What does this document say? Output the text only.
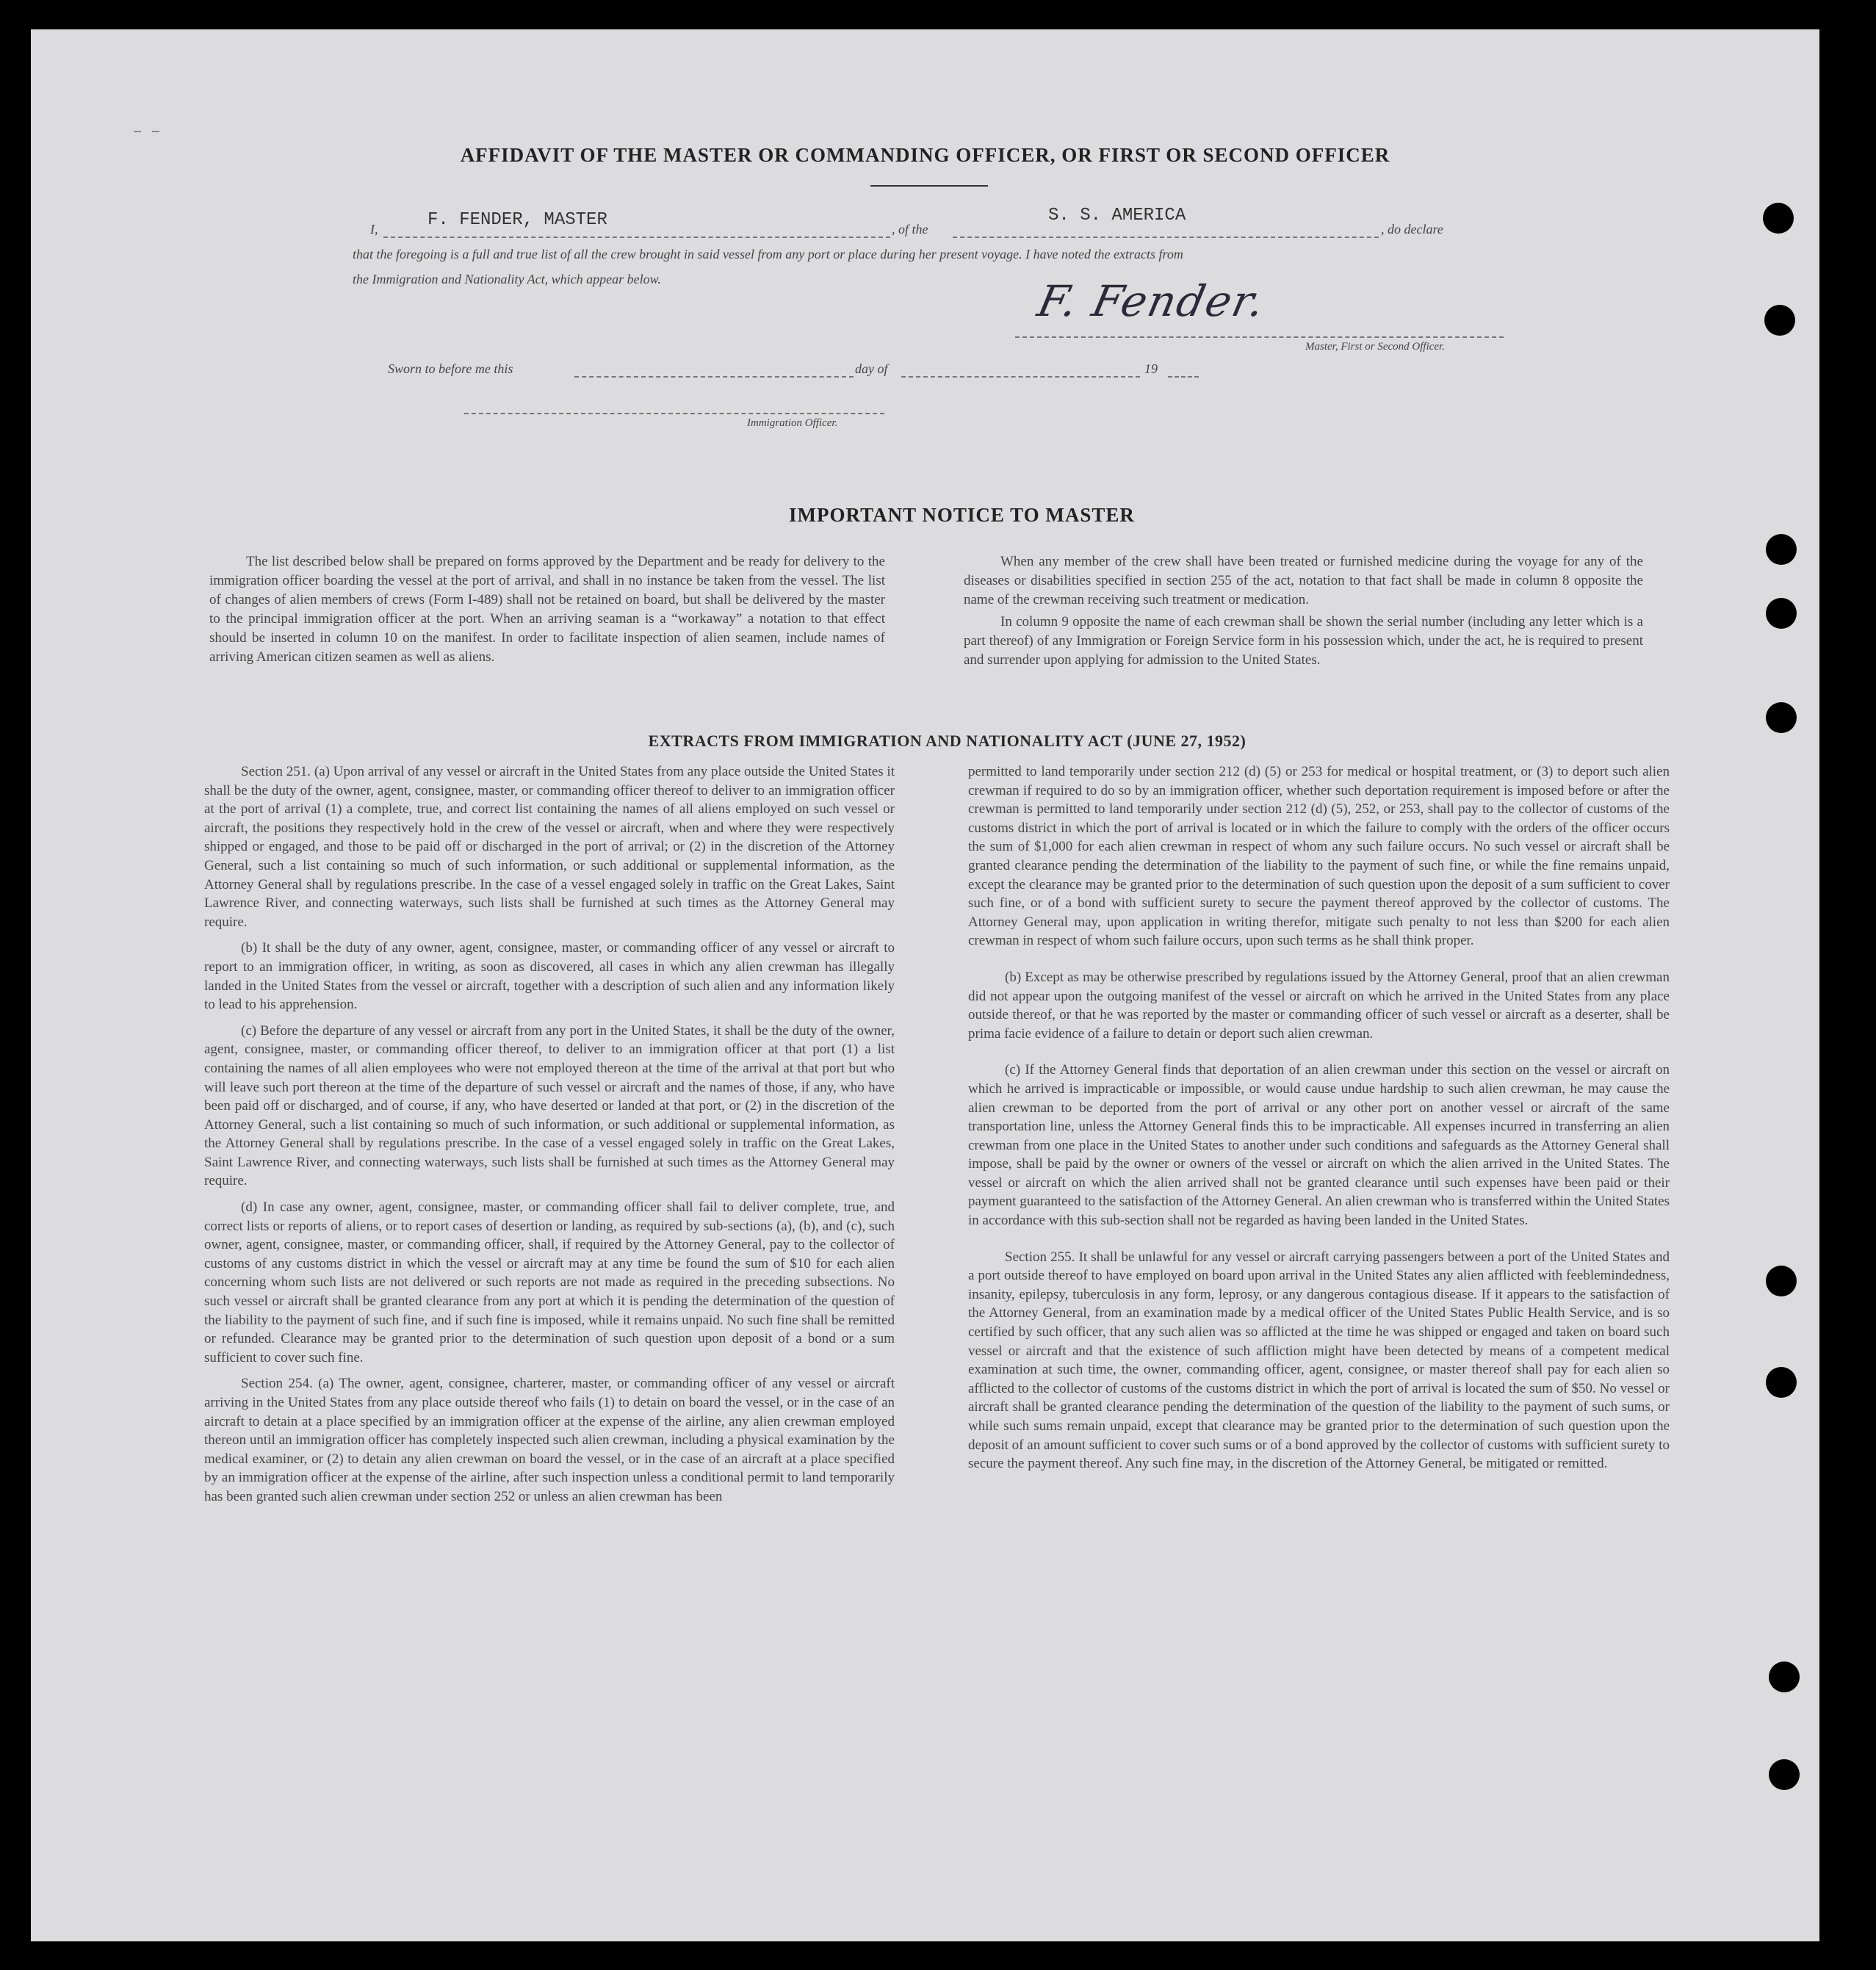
AFFIDAVIT OF THE MASTER OR COMMANDING OFFICER, OR FIRST OR SECOND OFFICER
I,	F. FENDER, MASTER	, of the
S. S. AMERICA
, do declare
that the foregoing is a full and true list of all the crew brought in said vessel from any port or place during her present voyage. I have noted the extracts from
the Immigration and Nationality Act, which appear below.	F. Fender.
Master, First or Second Officer.
Sworn to before me this	day of	19
Immigration Officer.
IMPORTANT NOTICE TO MASTER

The list described below shall be prepared on forms approved by the Department and be ready for delivery to the immigration officer boarding the vessel at the port of arrival, and shall in no instance be taken from the vessel. The list of changes of alien members of crews (Form I-489) shall not be retained on board, but shall be delivered by the master to the principal immigration officer at the port. When an arriving seaman is a “workaway” a notation to that effect should be inserted in column 10 on the manifest. In order to facilitate inspection of alien seamen, include names of arriving American citizen seamen as well as aliens.

When any member of the crew shall have been treated or furnished medicine during the voyage for any of the diseases or disabilities specified in section 255 of the act, notation to that fact shall be made in column 8 opposite the name of the crewman receiving such treatment or medication.

In column 9 opposite the name of each crewman shall be shown the serial number (including any letter which is a part thereof) of any Immigration or Foreign Service form in his possession which, under the act, he is required to present and surrender upon applying for admission to the United States.

EXTRACTS FROM IMMIGRATION AND NATIONALITY ACT (JUNE 27, 1952)

Section 251. (a) Upon arrival of any vessel or aircraft in the United States from any place outside the United States it shall be the duty of the owner, agent, consignee, master, or commanding officer thereof to deliver to an immigration officer at the port of arrival (1) a complete, true, and correct list containing the names of all aliens employed on such vessel or aircraft, the positions they respectively hold in the crew of the vessel or aircraft, when and where they were respectively shipped or engaged, and those to be paid off or discharged in the port of arrival; or (2) in the discretion of the Attorney General, such a list containing so much of such information, or such additional or supplemental information, as the Attorney General shall by regulations prescribe. In the case of a vessel engaged solely in traffic on the Great Lakes, Saint Lawrence River, and connecting waterways, such lists shall be furnished at such times as the Attorney General may require.

(b) It shall be the duty of any owner, agent, consignee, master, or commanding officer of any vessel or aircraft to report to an immigration officer, in writing, as soon as discovered, all cases in which any alien crewman has illegally landed in the United States from the vessel or aircraft, together with a description of such alien and any information likely to lead to his apprehension.

(c) Before the departure of any vessel or aircraft from any port in the United States, it shall be the duty of the owner, agent, consignee, master, or commanding officer thereof, to deliver to an immigration officer at that port (1) a list containing the names of all alien employees who were not employed thereon at the time of the arrival at that port but who will leave such port thereon at the time of the departure of such vessel or aircraft and the names of those, if any, who have been paid off or discharged, and of course, if any, who have deserted or landed at that port, or (2) in the discretion of the Attorney General, such a list containing so much of such information, or such additional or supplemental information, as the Attorney General shall by regulations prescribe. In the case of a vessel engaged solely in traffic on the Great Lakes, Saint Lawrence River, and connecting waterways, such lists shall be furnished at such times as the Attorney General may require.

(d) In case any owner, agent, consignee, master, or commanding officer shall fail to deliver complete, true, and correct lists or reports of aliens, or to report cases of desertion or landing, as required by sub-sections (a), (b), and (c), such owner, agent, consignee, master, or commanding officer, shall, if required by the Attorney General, pay to the collector of customs of any customs district in which the vessel or aircraft may at any time be found the sum of $10 for each alien concerning whom such lists are not delivered or such reports are not made as required in the preceding subsections. No such vessel or aircraft shall be granted clearance from any port at which it is pending the determination of the question of the liability to the payment of such fine, and if such fine is imposed, while it remains unpaid. No such fine shall be remitted or refunded. Clearance may be granted prior to the determination of such question upon deposit of a bond or a sum sufficient to cover such fine.

Section 254. (a) The owner, agent, consignee, charterer, master, or commanding officer of any vessel or aircraft arriving in the United States from any place outside thereof who fails (1) to detain on board the vessel, or in the case of an aircraft to detain at a place specified by an immigration officer at the expense of the airline, any alien crewman employed thereon until an immigration officer has completely inspected such alien crewman, including a physical examination by the medical examiner, or (2) to detain any alien crewman on board the vessel, or in the case of an aircraft at a place specified by an immigration officer at the expense of the airline, after such inspection unless a conditional permit to land temporarily has been granted such alien crewman under section 252 or unless an alien crewman has been

permitted to land temporarily under section 212 (d) (5) or 253 for medical or hospital treatment, or (3) to deport such alien crewman if required to do so by an immigration officer, whether such deportation requirement is imposed before or after the crewman is permitted to land temporarily under section 212 (d) (5), 252, or 253, shall pay to the collector of customs of the customs district in which the port of arrival is located or in which the failure to comply with the orders of the officer occurs the sum of $1,000 for each alien crewman in respect of whom any such failure occurs. No such vessel or aircraft shall be granted clearance pending the determination of the liability to the payment of such fine, or while the fine remains unpaid, except the clearance may be granted prior to the determination of such question upon the deposit of a sum sufficient to cover such fine, or of a bond with sufficient surety to secure the payment thereof approved by the collector of customs. The Attorney General may, upon application in writing therefor, mitigate such penalty to not less than $200 for each alien crewman in respect of whom such failure occurs, upon such terms as he shall think proper.

(b) Except as may be otherwise prescribed by regulations issued by the Attorney General, proof that an alien crewman did not appear upon the outgoing manifest of the vessel or aircraft on which he arrived in the United States from any place outside thereof, or that he was reported by the master or commanding officer of such vessel or aircraft as a deserter, shall be prima facie evidence of a failure to detain or deport such alien crewman.

(c) If the Attorney General finds that deportation of an alien crewman under this section on the vessel or aircraft on which he arrived is impracticable or impossible, or would cause undue hardship to such alien crewman, he may cause the alien crewman to be deported from the port of arrival or any other port on another vessel or aircraft of the same transportation line, unless the Attorney General finds this to be impracticable. All expenses incurred in transferring an alien crewman from one place in the United States to another under such conditions and safeguards as the Attorney General shall impose, shall be paid by the owner or owners of the vessel or aircraft on which the alien arrived in the United States. The vessel or aircraft on which the alien arrived shall not be granted clearance until such expenses have been paid or their payment guaranteed to the satisfaction of the Attorney General. An alien crewman who is transferred within the United States in accordance with this sub-section shall not be regarded as having been landed in the United States.

Section 255. It shall be unlawful for any vessel or aircraft carrying passengers between a port of the United States and a port outside thereof to have employed on board upon arrival in the United States any alien afflicted with feeblemindedness, insanity, epilepsy, tuberculosis in any form, leprosy, or any dangerous contagious disease. If it appears to the satisfaction of the Attorney General, from an examination made by a medical officer of the United States Public Health Service, and is so certified by such officer, that any such alien was so afflicted at the time he was shipped or engaged and taken on board such vessel or aircraft and that the existence of such affliction might have been detected by means of a competent medical examination at such time, the owner, commanding officer, agent, consignee, or master thereof shall pay for each alien so afflicted to the collector of customs of the customs district in which the port of arrival is located the sum of $50. No vessel or aircraft shall be granted clearance pending the determination of the question of the liability to the payment of such sums, or while such sums remain unpaid, except that clearance may be granted prior to the determination of such question upon the deposit of an amount sufficient to cover such sums or of a bond approved by the collector of customs with sufficient surety to secure the payment thereof. Any such fine may, in the discretion of the Attorney General, be mitigated or remitted.
